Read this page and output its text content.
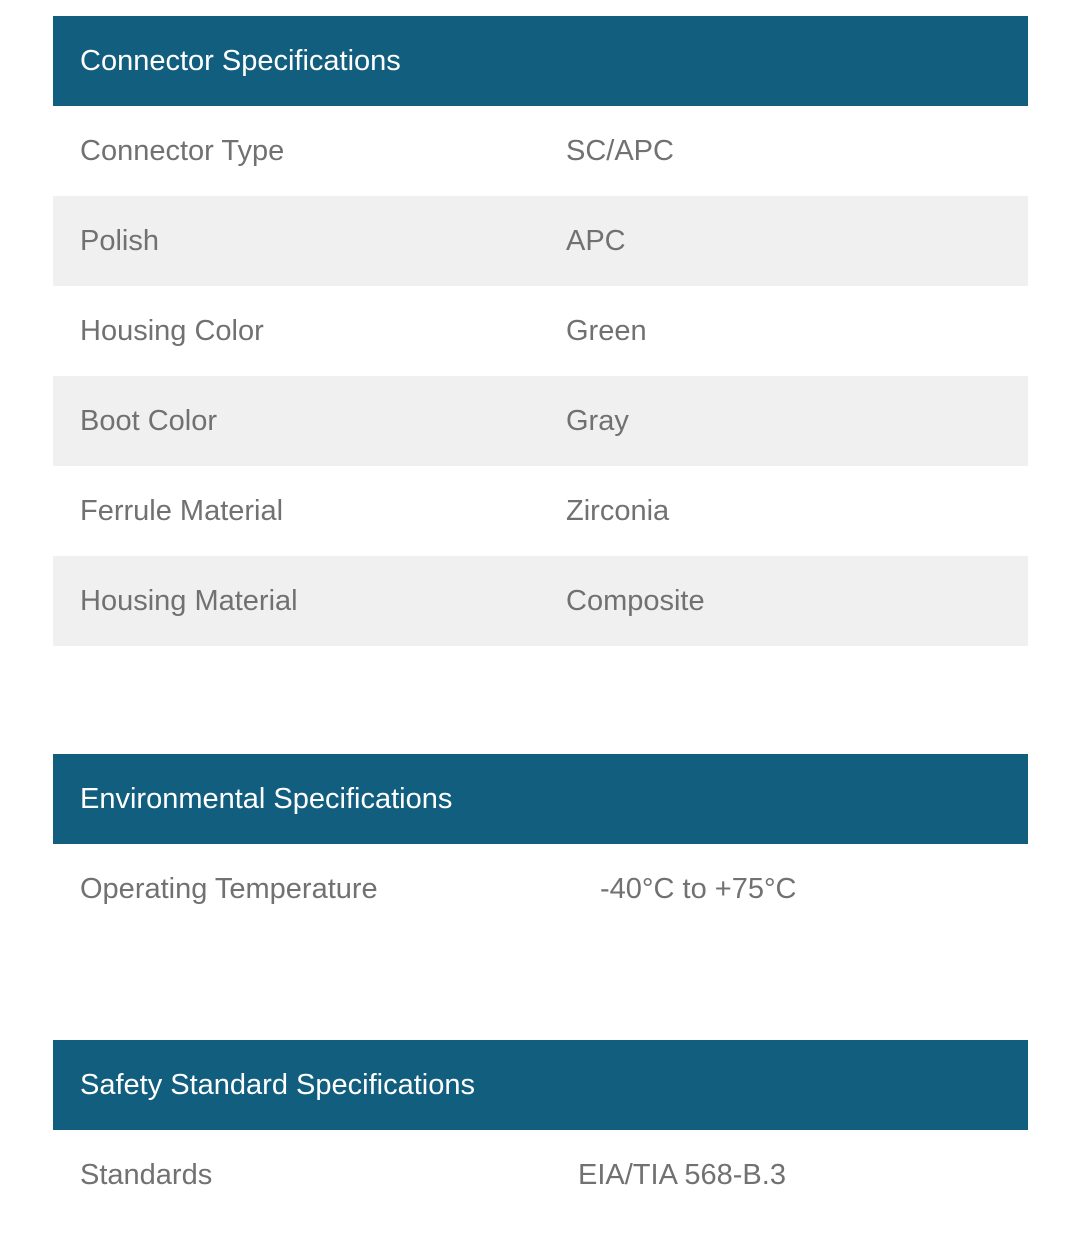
Connector Specifications
Connector Type	SC/APC
Polish	APC
Housing Color	Green
Boot Color	Gray
Ferrule Material	Zirconia
Housing Material	Composite
Environmental Specifications
Operating Temperature	-40°C to +75°C
Safety Standard Specifications
Standards	EIA/TIA 568-B.3
